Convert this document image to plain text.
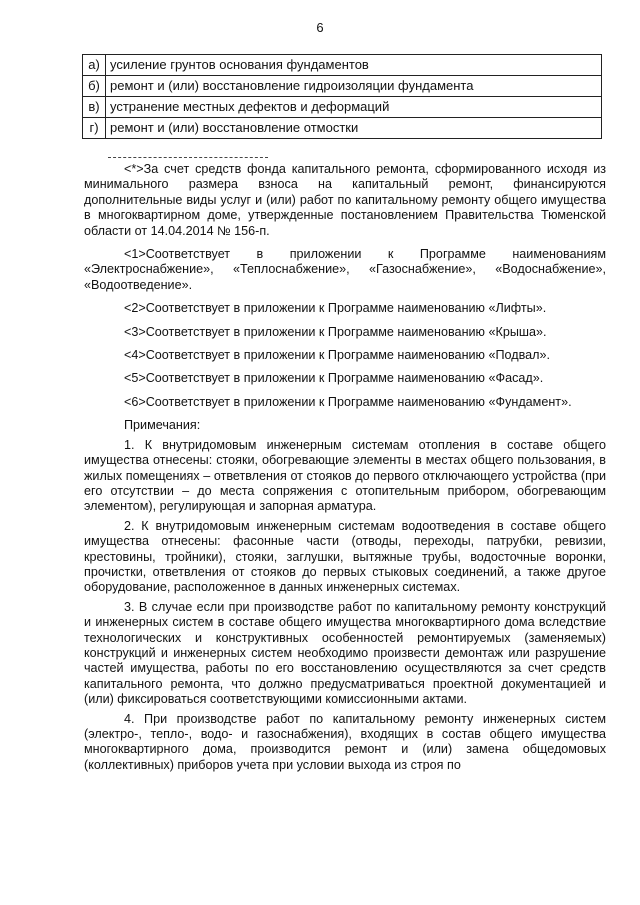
6
а)	усиление грунтов основания фундаментов
б)	ремонт и (или) восстановление гидроизоляции фундамента
в)	устранение местных дефектов и деформаций
г)	ремонт и (или) восстановление отмостки

<*>За счет средств фонда капитального ремонта, сформированного исходя из минимального размера взноса на капитальный ремонт, финансируются дополнительные виды услуг и (или) работ по капитальному ремонту общего имущества в многоквартирном доме, утвержденные постановлением Правительства Тюменской области от 14.04.2014 № 156-п.

<1>Соответствует в приложении к Программе наименованиям «Электроснабжение», «Теплоснабжение», «Газоснабжение», «Водоснабжение», «Водоотведение».

<2>Соответствует в приложении к Программе наименованию «Лифты».

<3>Соответствует в приложении к Программе наименованию «Крыша».

<4>Соответствует в приложении к Программе наименованию «Подвал».

<5>Соответствует в приложении к Программе наименованию «Фасад».

<6>Соответствует в приложении к Программе наименованию «Фундамент».

Примечания:

1. К внутридомовым инженерным системам отопления в составе общего имущества отнесены: стояки, обогревающие элементы в местах общего пользования, в жилых помещениях – ответвления от стояков до первого отключающего устройства (при его отсутствии – до места сопряжения с отопительным прибором, обогревающим элементом), регулирующая и запорная арматура.

2. К внутридомовым инженерным системам водоотведения в составе общего имущества отнесены: фасонные части (отводы, переходы, патрубки, ревизии, крестовины, тройники), стояки, заглушки, вытяжные трубы, водосточные воронки, прочистки, ответвления от стояков до первых стыковых соединений, а также другое оборудование, расположенное в данных инженерных системах.

3. В случае если при производстве работ по капитальному ремонту конструкций и инженерных систем в составе общего имущества многоквартирного дома вследствие технологических и конструктивных особенностей ремонтируемых (заменяемых) конструкций и инженерных систем необходимо произвести демонтаж или разрушение частей имущества, работы по его восстановлению осуществляются за счет средств капитального ремонта, что должно предусматриваться проектной документацией и (или) фиксироваться соответствующими комиссионными актами.

4. При производстве работ по капитальному ремонту инженерных систем (электро-, тепло-, водо- и газоснабжения), входящих в состав общего имущества многоквартирного дома, производится ремонт и (или) замена общедомовых (коллективных) приборов учета при условии выхода из строя по
